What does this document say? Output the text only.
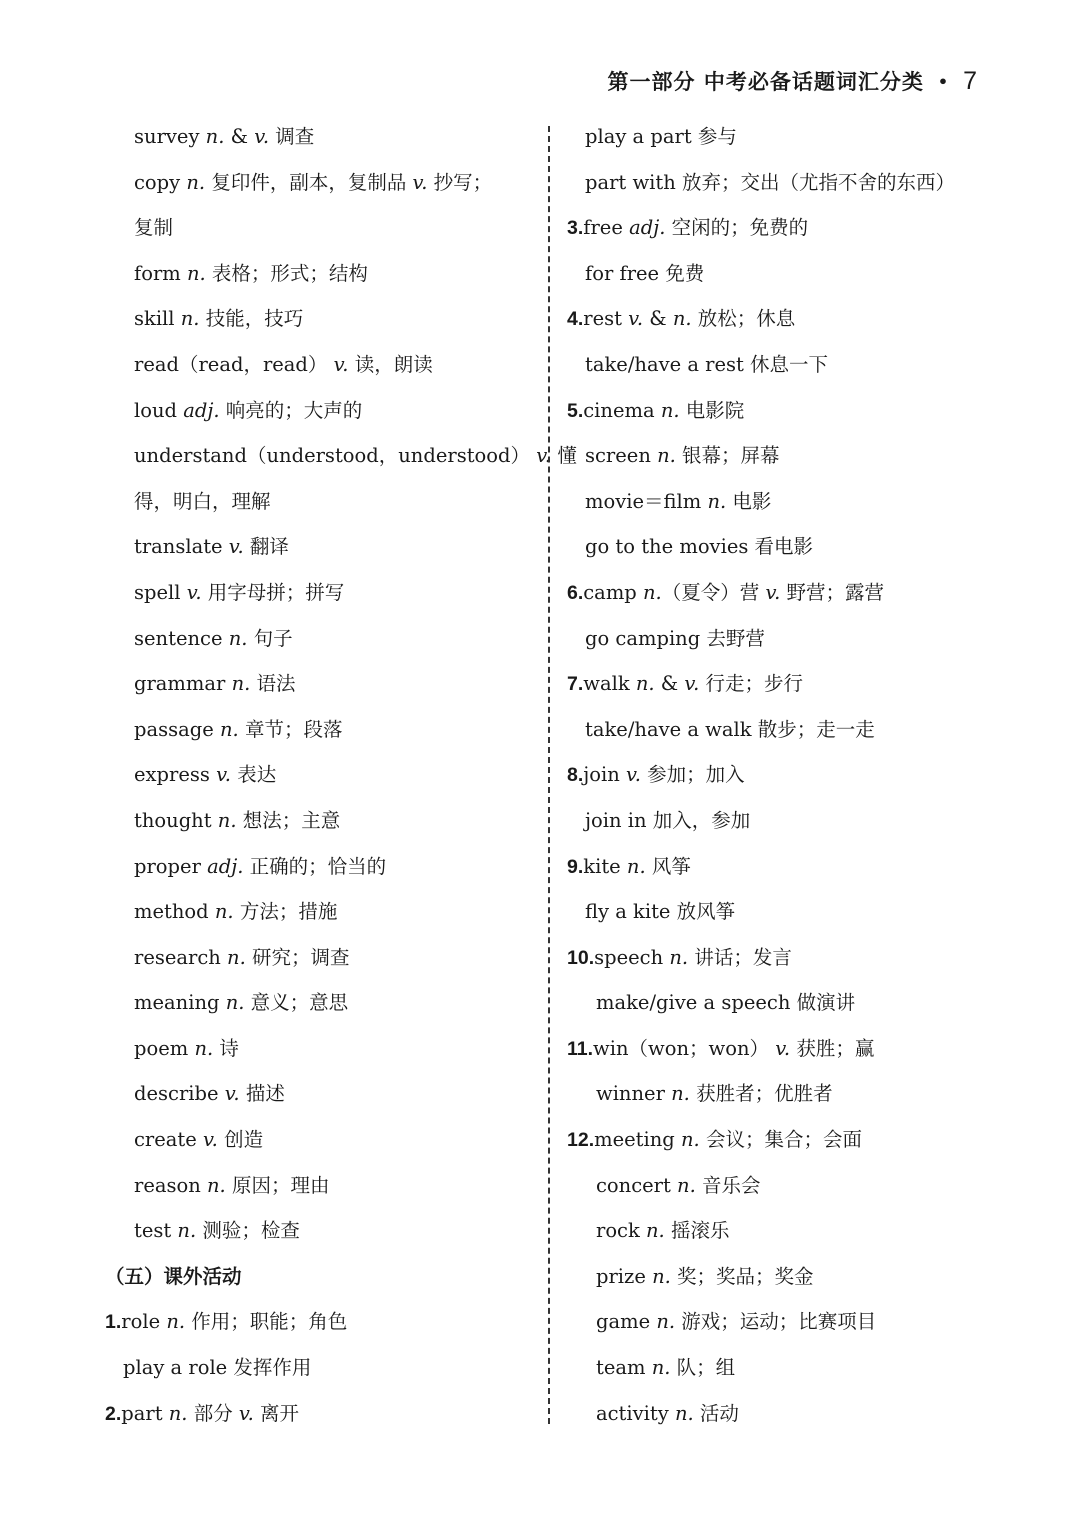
第一部分 中考必备话题词汇分类 • 7
survey n. & v. 调查
copy n. 复印件，副本，复制品 v. 抄写；
复制
form n. 表格；形式；结构
skill n. 技能，技巧
read（read，read） v. 读，朗读
loud adj. 响亮的；大声的
understand（understood，understood） v. 懂
得，明白，理解
translate v. 翻译
spell v. 用字母拼；拼写
sentence n. 句子
grammar n. 语法
passage n. 章节；段落
express v. 表达
thought n. 想法；主意
proper adj. 正确的；恰当的
method n. 方法；措施
research n. 研究；调查
meaning n. 意义；意思
poem n. 诗
describe v. 描述
create v. 创造
reason n. 原因；理由
test n. 测验；检查
（五）课外活动
1.role n. 作用；职能；角色
play a role 发挥作用
2.part n. 部分 v. 离开
play a part 参与
part with 放弃；交出（尤指不舍的东西）
3.free adj. 空闲的；免费的
for free 免费
4.rest v. & n. 放松；休息
take/have a rest 休息一下
5.cinema n. 电影院
screen n. 银幕；屏幕
movie＝film n. 电影
go to the movies 看电影
6.camp n.（夏令）营 v. 野营；露营
go camping 去野营
7.walk n. & v. 行走；步行
take/have a walk 散步；走一走
8.join v. 参加；加入
join in 加入，参加
9.kite n. 风筝
fly a kite 放风筝
10.speech n. 讲话；发言
make/give a speech 做演讲
11.win（won；won） v. 获胜；赢
winner n. 获胜者；优胜者
12.meeting n. 会议；集合；会面
concert n. 音乐会
rock n. 摇滚乐
prize n. 奖；奖品；奖金
game n. 游戏；运动；比赛项目
team n. 队；组
activity n. 活动
